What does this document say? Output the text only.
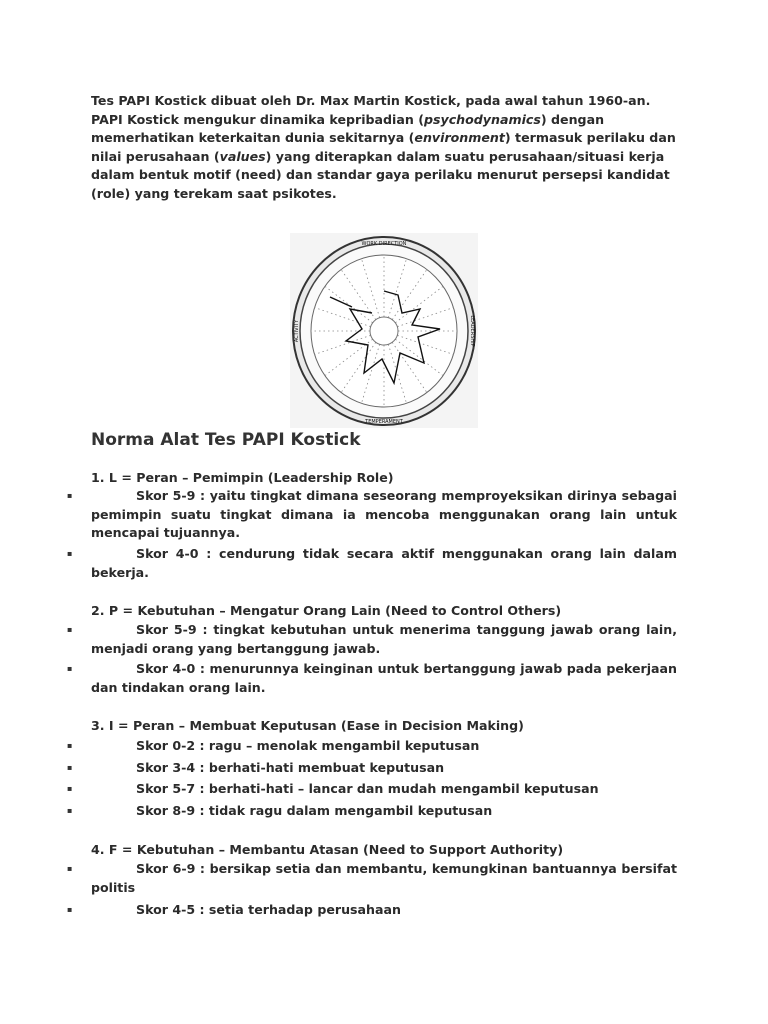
Tes PAPI Kostick dibuat oleh Dr. Max Martin Kostick, pada awal tahun 1960-an.
PAPI Kostick mengukur dinamika kepribadian (psychodynamics) dengan
memerhatikan keterkaitan dunia sekitarnya (environment) termasuk perilaku dan
nilai perusahaan (values) yang diterapkan dalam suatu perusahaan/situasi kerja
dalam bentuk motif (need) dan standar gaya perilaku menurut persepsi kandidat
(role) yang terekam saat psikotes.
WORK DIRECTION
TEMPERAMENT
LEADERSHIP
ACTIVITY
Norma Alat Tes PAPI Kostick
1. L = Peran – Pemimpin (Leadership Role)
▪	Skor 5-9 : yaitu tingkat dimana seseorang memproyeksikan dirinya sebagai pemimpin suatu tingkat dimana ia mencoba menggunakan orang lain untuk mencapai tujuannya.
▪	Skor 4-0 : cendurung tidak secara aktif menggunakan orang lain dalam bekerja.
2. P = Kebutuhan – Mengatur Orang Lain (Need to Control Others)
▪	Skor 5-9 : tingkat kebutuhan untuk menerima tanggung jawab orang lain, menjadi orang yang bertanggung jawab.
▪	Skor 4-0 : menurunnya keinginan untuk bertanggung jawab pada pekerjaan dan tindakan orang lain.
3. I = Peran – Membuat Keputusan (Ease in Decision Making)
▪	Skor 0-2 : ragu – menolak mengambil keputusan
▪	Skor 3-4 : berhati-hati membuat keputusan
▪	Skor 5-7 : berhati-hati – lancar dan mudah mengambil keputusan
▪	Skor 8-9 : tidak ragu dalam mengambil keputusan
4. F = Kebutuhan – Membantu Atasan (Need to Support Authority)
▪	Skor 6-9 : bersikap setia dan membantu, kemungkinan bantuannya bersifat politis
▪	Skor 4-5 : setia terhadap perusahaan
